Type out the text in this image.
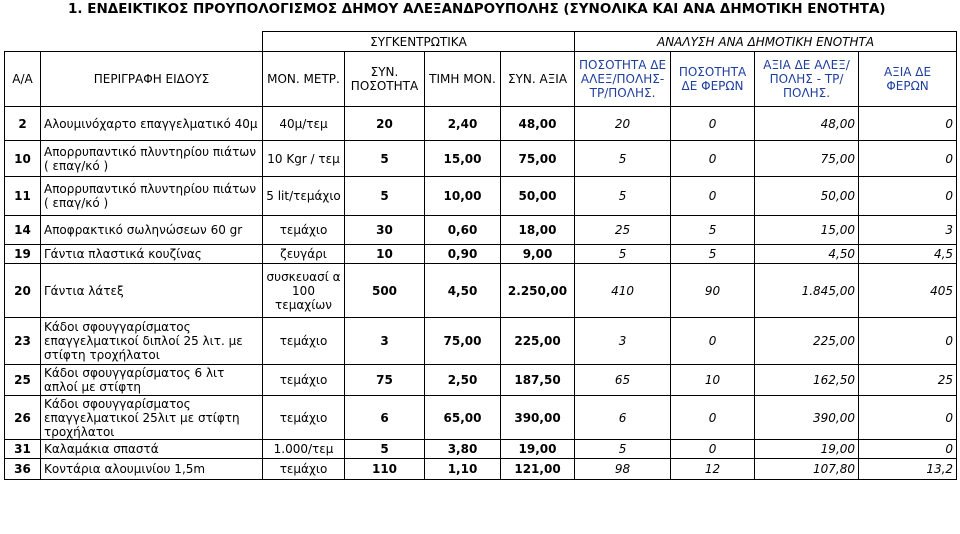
1. ΕΝΔΕΙΚΤΙΚΟΣ ΠΡΟΥΠΟΛΟΓΙΣΜΟΣ ΔΗΜΟΥ ΑΛΕΞΑΝΔΡΟΥΠΟΛΗΣ (ΣΥΝΟΛΙΚΑ ΚΑΙ ΑΝΑ ΔΗΜΟΤΙΚΗ ΕΝΟΤΗΤΑ)
		ΣΥΓΚΕΝΤΡΩΤΙΚΑ				ΑΝΑΛΥΣΗ ΑΝΑ ΔΗΜΟΤΙΚΗ ΕΝΟΤΗΤΑ			
Α/Α	ΠΕΡΙΓΡΑΦΗ ΕΙΔΟΥΣ	ΜΟΝ. ΜΕΤΡ.	ΣΥΝ. ΠΟΣΟΤΗΤΑ	ΤΙΜΗ ΜΟΝ.	ΣΥΝ. ΑΞΙΑ	ΠΟΣΟΤΗΤΑ ΔΕ ΑΛΕΞ/ΠΟΛΗΣ-ΤΡ/ΠΟΛΗΣ.	ΠΟΣΟΤΗΤΑ ΔΕ ΦΕΡΩΝ	ΑΞΙΑ ΔΕ ΑΛΕΞ/ΠΟΛΗΣ - ΤΡ/ΠΟΛΗΣ.	ΑΞΙΑ ΔΕ ΦΕΡΩΝ
2	Αλουμινόχαρτο επαγγελματικό 40μ	40μ/τεμ	20	2,40	48,00	20	0	48,00	0
10	Απορρυπαντικό πλυντηρίου πιάτων ( επαγ/κό )	10 Kgr / τεμ	5	15,00	75,00	5	0	75,00	0
11	Απορρυπαντικό πλυντηρίου πιάτων ( επαγ/κό )	5 lit/τεμάχιο	5	10,00	50,00	5	0	50,00	0
14	Αποφρακτικό σωληνώσεων 60 gr	τεμάχιο	30	0,60	18,00	25	5	15,00	3
19	Γάντια πλαστικά κουζίνας	ζευγάρι	10	0,90	9,00	5	5	4,50	4,5
20	Γάντια λάτεξ	συσκευασί α 100 τεμαχίων	500	4,50	2.250,00	410	90	1.845,00	405
23	Κάδοι σφουγγαρίσματος επαγγελματικοί διπλοί 25 λιτ. με στίφτη τροχήλατοι	τεμάχιο	3	75,00	225,00	3	0	225,00	0
25	Κάδοι σφουγγαρίσματος 6 λιτ απλοί με στίφτη	τεμάχιο	75	2,50	187,50	65	10	162,50	25
26	Κάδοι σφουγγαρίσματος επαγγελματικοί 25λιτ με στίφτη τροχήλατοι	τεμάχιο	6	65,00	390,00	6	0	390,00	0
31	Καλαμάκια σπαστά	1.000/τεμ	5	3,80	19,00	5	0	19,00	0
36	Κοντάρια αλουμινίου 1,5m	τεμάχιο	110	1,10	121,00	98	12	107,80	13,2
